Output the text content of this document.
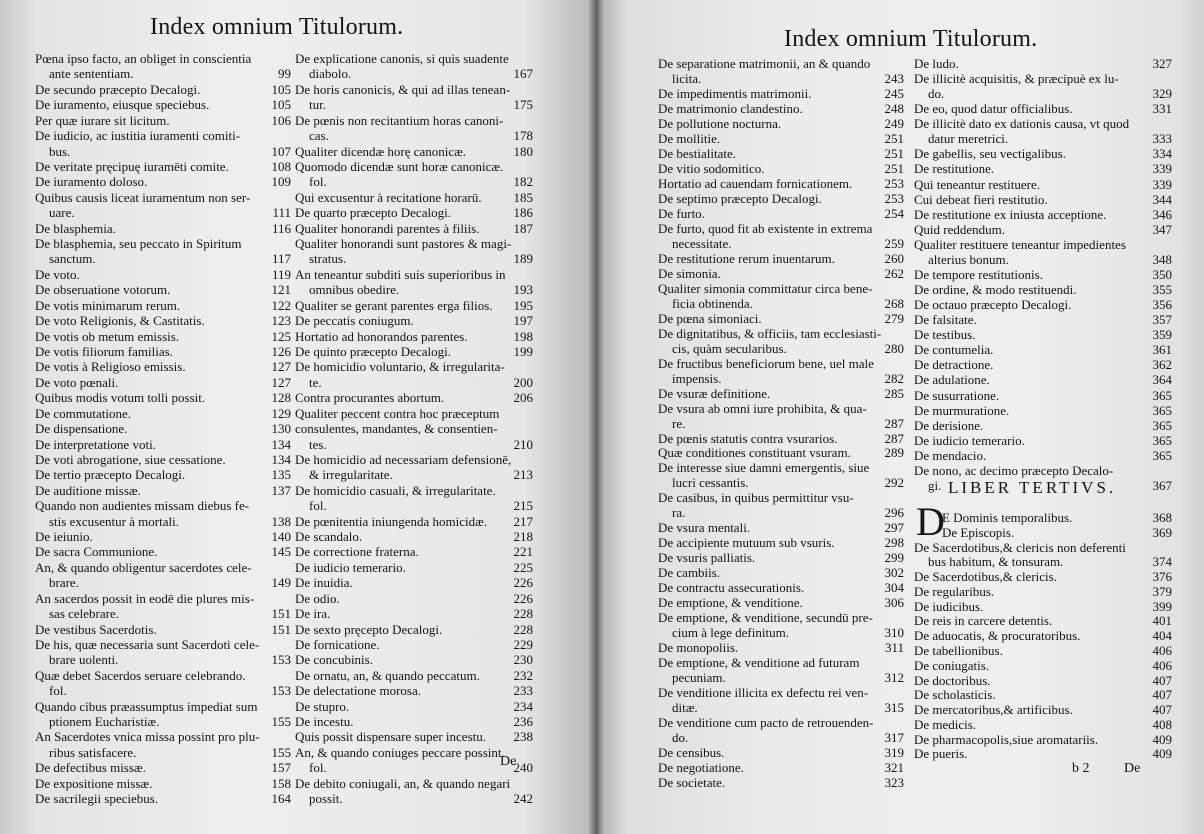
Index omnium Titulorum.
Pœna ipso facto, an obliget in conscientia
ante sententiam.	99
De secundo præcepto Decalogi.	105
De iuramento, eiusque speciebus.	105
Per quæ iurare sit licitum.	106
De iudicio, ac iustitia iuramenti comiti-
bus.	107
De veritate pręcipuę iuramēti comite.	108
De iuramento doloso.	109
Quibus causis liceat iuramentum non ser-
uare.	111
De blasphemia.	116
De blasphemia, seu peccato in Spiritum
sanctum.	117
De voto.	119
De obseruatione votorum.	121
De votis minimarum rerum.	122
De voto Religionis, & Castitatis.	123
De votis ob metum emissis.	125
De votis filiorum familias.	126
De votis à Religioso emissis.	127
De voto pœnali.	127
Quibus modis votum tolli possit.	128
De commutatione.	129
De dispensatione.	130
De interpretatione voti.	134
De voti abrogatione, siue cessatione.	134
De tertio præcepto Decalogi.	135
De auditione missæ.	137
Quando non audientes missam diebus fe-
stis excusentur à mortali.	138
De ieiunio.	140
De sacra Communione.	145
An, & quando obligentur sacerdotes cele-
brare.	149
An sacerdos possit in eodē die plures mis-
sas celebrare.	151
De vestibus Sacerdotis.	151
De his, quæ necessaria sunt Sacerdoti cele-
brare uolenti.	153
Quæ debet Sacerdos seruare celebrando.
fol.	153
Quando cibus præassumptus impediat sum
ptionem Eucharistiæ.	155
An Sacerdotes vnica missa possint pro plu-
ribus satisfacere.	155
De defectibus missæ.	157
De expositione missæ.	158
De sacrilegii speciebus.	164
De explicatione canonis, si quis suadente
diabolo.	167
De horis canonicis, & qui ad illas tenean-
tur.	175
De pœnis non recitantium horas canoni-
cas.	178
Qualiter dicendæ horę canonicæ.	180
Quomodo dicendæ sunt horæ canonicæ.
fol.	182
Qui excusentur à recitatione horarū. 185
De quarto præcepto Decalogi.	186
Qualiter honorandi parentes à filiis.	187
Qualiter honorandi sunt pastores & magi-
stratus.	189
An teneantur subditi suis superioribus in
omnibus obedire.	193
Qualiter se gerant parentes erga filios. 195
De peccatis coniugum.	197
Hortatio ad honorandos parentes.	198
De quinto præcepto Decalogi.	199
De homicidio voluntario, & irregularita-
te.	200
Contra procurantes abortum.	206
Qualiter peccent contra hoc præceptum
consulentes, mandantes, & consentien-
tes.	210
De homicidio ad necessariam defensionē,
& irregularitate.	213
De homicidio casuali, & irregularitate.
fol.	215
De pœnitentia iniungenda homicidæ. 217
De scandalo.	218
De correctione fraterna.	221
De iudicio temerario.	225
De inuidia.	226
De odio.	226
De ira.	228
De sexto pręcepto Decalogi.	228
De fornicatione.	229
De concubinis.	230
De ornatu, an, & quando peccatum.	232
De delectatione morosa.	233
De stupro.	234
De incestu.	236
Quis possit dispensare super incestu. 238
An, & quando coniuges peccare possint.
fol.	240
De debito coniugali, an, & quando negari
possit.	242
De
Index omnium Titulorum.
De separatione matrimonii, an & quando
licita.	243
De impedimentis matrimonii.	245
De matrimonio clandestino.	248
De pollutione nocturna.	249
De mollitie.	251
De bestialitate.	251
De vitio sodomitico.	251
Hortatio ad cauendam fornicationem. 253
De septimo præcepto Decalogi.	253
De furto.	254
De furto, quod fit ab existente in extrema
necessitate.	259
De restitutione rerum inuentarum.	260
De simonia.	262
Qualiter simonia committatur circa bene-
ficia obtinenda.	268
De pœna simoniaci.	279
De dignitatibus, & officiis, tam ecclesiasti-
cis, quàm secularibus.	280
De fructibus beneficiorum bene, uel male
impensis.	282
De vsuræ definitione.	285
De vsura ab omni iure prohibita, & qua-
re.	287
De pœnis statutis contra vsurarios.	287
Quæ conditiones constituant vsuram.	289
De interesse siue damni emergentis, siue
lucri cessantis.	292
De casibus, in quibus permittitur vsu-
ra.	296
De vsura mentali.	297
De accipiente mutuum sub vsuris.	298
De vsuris palliatis.	299
De cambiis.	302
De contractu assecurationis.	304
De emptione, & venditione.	306
De emptione, & venditione, secundū pre-
cium à lege definitum.	310
De monopoliis.	311
De emptione, & venditione ad futuram
pecuniam.	312
De venditione illicita ex defectu rei ven-
ditæ.	315
De venditione cum pacto de retrouenden-
do.	317
De censibus.	319
De negotiatione.	321
De societate.	323
De ludo.	327
De illicitè acquisitis, & præcipuè ex lu-
do.	329
De eo, quod datur officialibus.	331
De illicitè dato ex dationis causa, vt quod
datur meretrici.	333
De gabellis, seu vectigalibus.	334
De restitutione.	339
Qui teneantur restituere.	339
Cui debeat fieri restitutio.	344
De restitutione ex iniusta acceptione.	346
Quid reddendum.	347
Qualiter restituere teneantur impedientes
alterius bonum.	348
De tempore restitutionis.	350
De ordine, & modo restituendi.	355
De octauo præcepto Decalogi.	356
De falsitate.	357
De testibus.	359
De contumelia.	361
De detractione.	362
De adulatione.	364
De susurratione.	365
De murmuratione.	365
De derisione.	365
De iudicio temerario.	365
De mendacio.	365
De nono, ac decimo præcepto Decalo-
gi.	367
LIBER TERTIVS.
D
E Dominis temporalibus.	368
De Episcopis.	369
De Sacerdotibus,& clericis non deferenti
bus habitum, & tonsuram.	374
De Sacerdotibus,& clericis.	376
De regularibus.	379
De iudicibus.	399
De reis in carcere detentis.	401
De aduocatis, & procuratoribus.	404
De tabellionibus.	406
De coniugatis.	406
De doctoribus.	407
De scholasticis.	407
De mercatoribus,& artificibus.	407
De medicis.	408
De pharmacopolis,siue aromatariis.	409
De pueris.	409
b 2 De
